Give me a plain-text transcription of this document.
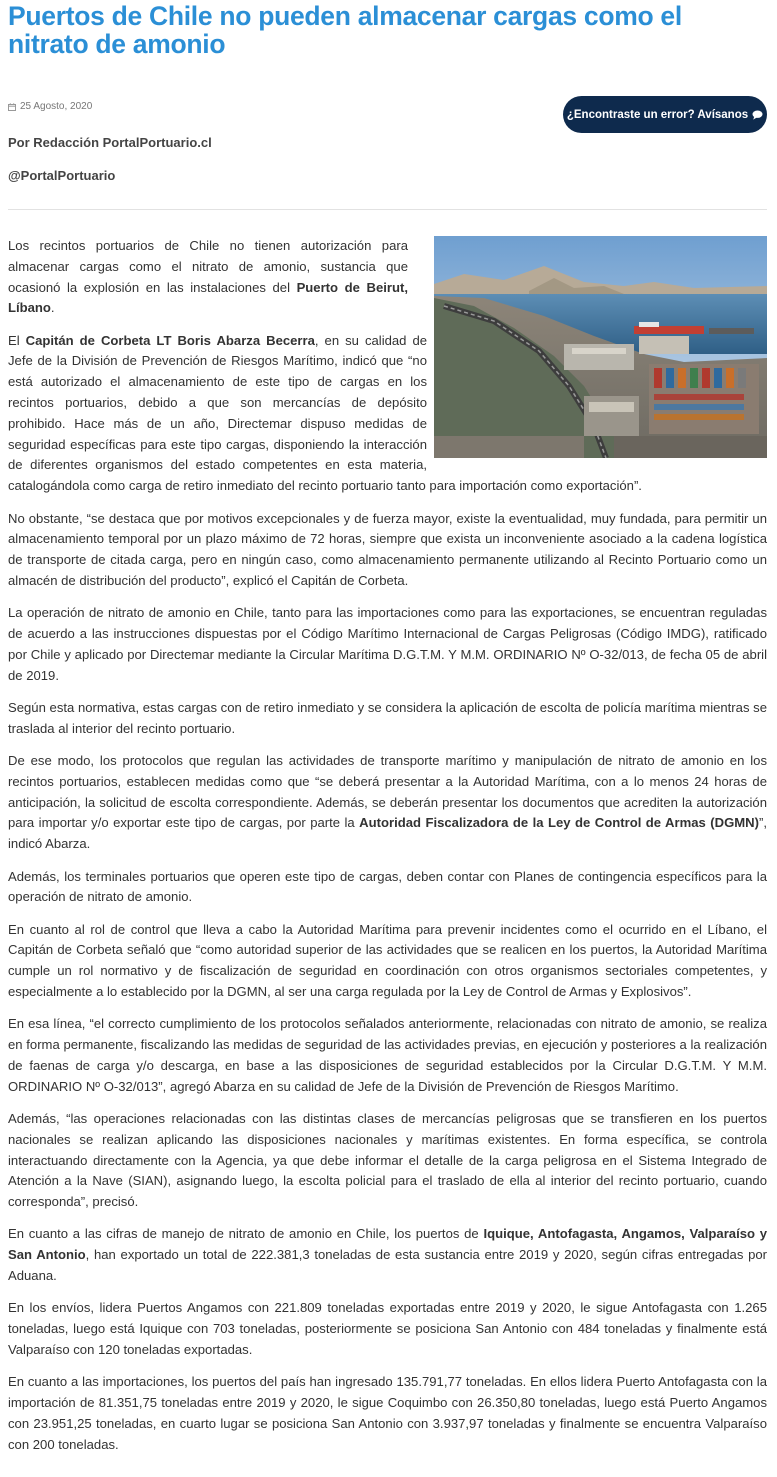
Puertos de Chile no pueden almacenar cargas como el nitrato de amonio
25 Agosto, 2020
¿Encontraste un error? Avísanos
Por Redacción PortalPortuario.cl
@PortalPortuario

Los recintos portuarios de Chile no tienen autorización para almacenar cargas como el nitrato de amonio, sustancia que ocasionó la explosión en las instalaciones del Puerto de Beirut, Líbano.

El Capitán de Corbeta LT Boris Abarza Becerra, en su calidad de Jefe de la División de Prevención de Riesgos Marítimo, indicó que “no está autorizado el almacenamiento de este tipo de cargas en los recintos portuarios, debido a que son mercancías de depósito prohibido. Hace más de un año, Directemar dispuso medidas de seguridad específicas para este tipo cargas, disponiendo la interacción de diferentes organismos del estado competentes en esta materia, catalogándola como carga de retiro inmediato del recinto portuario tanto para importación como exportación”.

No obstante, “se destaca que por motivos excepcionales y de fuerza mayor, existe la eventualidad, muy fundada, para permitir un almacenamiento temporal por un plazo máximo de 72 horas, siempre que exista un inconveniente asociado a la cadena logística de transporte de citada carga, pero en ningún caso, como almacenamiento permanente utilizando al Recinto Portuario como un almacén de distribución del producto”, explicó el Capitán de Corbeta.

La operación de nitrato de amonio en Chile, tanto para las importaciones como para las exportaciones, se encuentran reguladas de acuerdo a las instrucciones dispuestas por el Código Marítimo Internacional de Cargas Peligrosas (Código IMDG), ratificado por Chile y aplicado por Directemar mediante la Circular Marítima D.G.T.M. Y M.M. ORDINARIO Nº O-32/013, de fecha 05 de abril de 2019.

Según esta normativa, estas cargas con de retiro inmediato y se considera la aplicación de escolta de policía marítima mientras se traslada al interior del recinto portuario.

De ese modo, los protocolos que regulan las actividades de transporte marítimo y manipulación de nitrato de amonio en los recintos portuarios, establecen medidas como que “se deberá presentar a la Autoridad Marítima, con a lo menos 24 horas de anticipación, la solicitud de escolta correspondiente. Además, se deberán presentar los documentos que acrediten la autorización para importar y/o exportar este tipo de cargas, por parte la Autoridad Fiscalizadora de la Ley de Control de Armas (DGMN)”, indicó Abarza.

Además, los terminales portuarios que operen este tipo de cargas, deben contar con Planes de contingencia específicos para la operación de nitrato de amonio.

En cuanto al rol de control que lleva a cabo la Autoridad Marítima para prevenir incidentes como el ocurrido en el Líbano, el Capitán de Corbeta señaló que “como autoridad superior de las actividades que se realicen en los puertos, la Autoridad Marítima cumple un rol normativo y de fiscalización de seguridad en coordinación con otros organismos sectoriales competentes, y especialmente a lo establecido por la DGMN, al ser una carga regulada por la Ley de Control de Armas y Explosivos”.

En esa línea, “el correcto cumplimiento de los protocolos señalados anteriormente, relacionadas con nitrato de amonio, se realiza en forma permanente, fiscalizando las medidas de seguridad de las actividades previas, en ejecución y posteriores a la realización de faenas de carga y/o descarga, en base a las disposiciones de seguridad establecidos por la Circular D.G.T.M. Y M.M. ORDINARIO Nº O-32/013”, agregó Abarza en su calidad de Jefe de la División de Prevención de Riesgos Marítimo.

Además, “las operaciones relacionadas con las distintas clases de mercancías peligrosas que se transfieren en los puertos nacionales se realizan aplicando las disposiciones nacionales y marítimas existentes. En forma específica, se controla interactuando directamente con la Agencia, ya que debe informar el detalle de la carga peligrosa en el Sistema Integrado de Atención a la Nave (SIAN), asignando luego, la escolta policial para el traslado de ella al interior del recinto portuario, cuando corresponda”, precisó.

En cuanto a las cifras de manejo de nitrato de amonio en Chile, los puertos de Iquique, Antofagasta, Angamos, Valparaíso y San Antonio, han exportado un total de 222.381,3 toneladas de esta sustancia entre 2019 y 2020, según cifras entregadas por Aduana.

En los envíos, lidera Puertos Angamos con 221.809 toneladas exportadas entre 2019 y 2020, le sigue Antofagasta con 1.265 toneladas, luego está Iquique con 703 toneladas, posteriormente se posiciona San Antonio con 484 toneladas y finalmente está Valparaíso con 120 toneladas exportadas.

En cuanto a las importaciones, los puertos del país han ingresado 135.791,77 toneladas. En ellos lidera Puerto Antofagasta con la importación de 81.351,75 toneladas entre 2019 y 2020, le sigue Coquimbo con 26.350,80 toneladas, luego está Puerto Angamos con 23.951,25 toneladas, en cuarto lugar se posiciona San Antonio con 3.937,97 toneladas y finalmente se encuentra Valparaíso con 200 toneladas.
